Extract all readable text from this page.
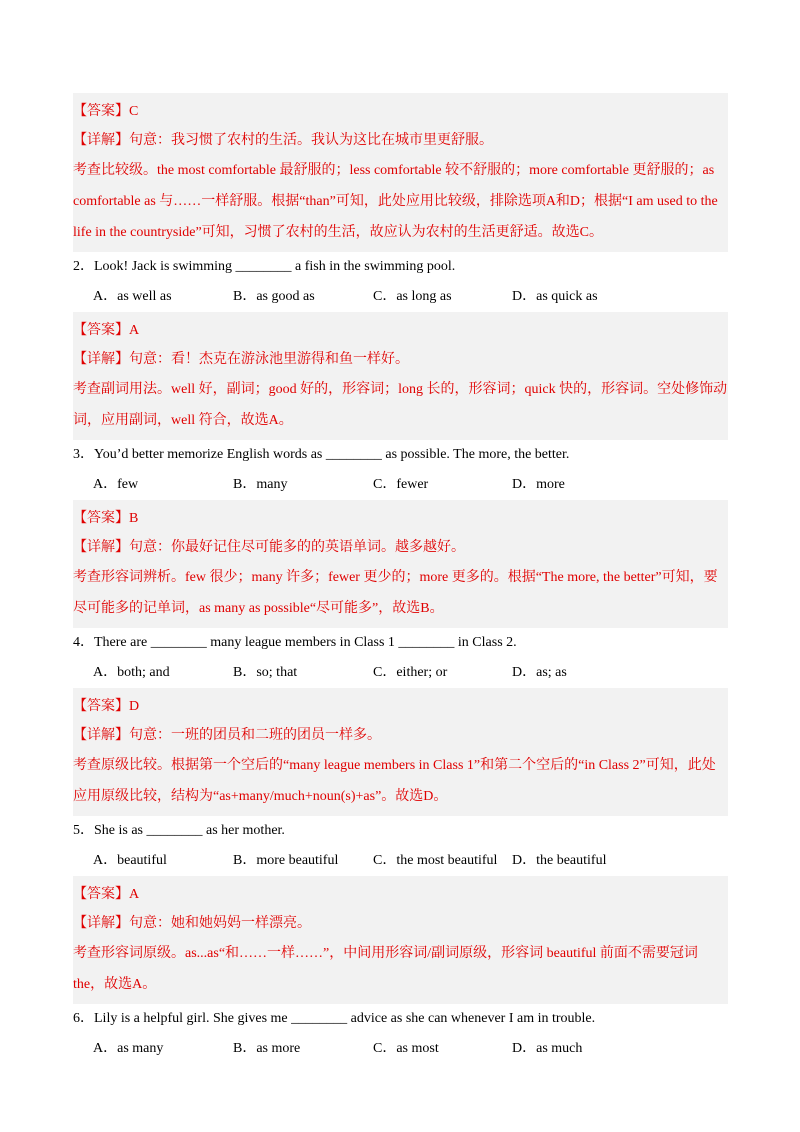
【答案】C
【详解】句意：我习惯了农村的生活。我认为这比在城市里更舒服。
考查比较级。the most comfortable 最舒服的；less comfortable 较不舒服的；more comfortable 更舒服的；as comfortable as 与……一样舒服。根据“than”可知，此处应用比较级，排除选项A和D；根据“I am used to the life in the countryside”可知，习惯了农村的生活，故应认为农村的生活更舒适。故选C。
2．Look! Jack is swimming ________ a fish in the swimming pool.
A．as well as	B．as good as	C．as long as	D．as quick as
【答案】A
【详解】句意：看！杰克在游泳池里游得和鱼一样好。
考查副词用法。well 好，副词；good 好的，形容词；long 长的，形容词；quick 快的，形容词。空处修饰动词，应用副词，well 符合，故选A。
3．You’d better memorize English words as ________ as possible. The more, the better.
A．few	B．many	C．fewer	D．more
【答案】B
【详解】句意：你最好记住尽可能多的的英语单词。越多越好。
考查形容词辨析。few 很少；many 许多；fewer 更少的；more 更多的。根据“The more, the better”可知，要尽可能多的记单词，as many as possible“尽可能多”，故选B。
4．There are ________ many league members in Class 1 ________ in Class 2.
A．both; and	B．so; that	C．either; or	D．as; as
【答案】D
【详解】句意：一班的团员和二班的团员一样多。
考查原级比较。根据第一个空后的“many league members in Class 1”和第二个空后的“in Class 2”可知，此处应用原级比较，结构为“as+many/much+noun(s)+as”。故选D。
5．She is as ________ as her mother.
A．beautiful	B．more beautiful	C．the most beautiful	D．the beautiful
【答案】A
【详解】句意：她和她妈妈一样漂亮。
考查形容词原级。as...as“和……一样……”，中间用形容词/副词原级，形容词 beautiful 前面不需要冠词the，故选A。
6．Lily is a helpful girl. She gives me ________ advice as she can whenever I am in trouble.
A．as many	B．as more	C．as most	D．as much
